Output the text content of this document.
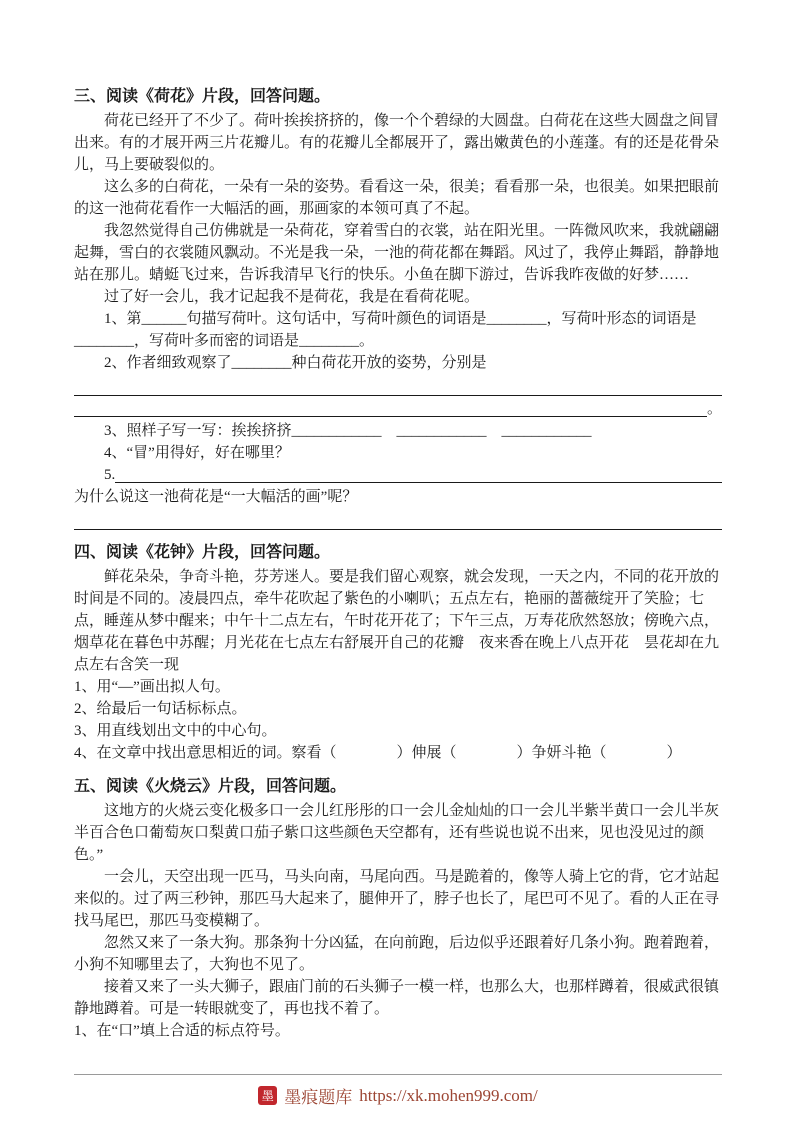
三、阅读《荷花》片段，回答问题。

荷花已经开了不少了。荷叶挨挨挤挤的，像一个个碧绿的大圆盘。白荷花在这些大圆盘之间冒出来。有的才展开两三片花瓣儿。有的花瓣儿全都展开了，露出嫩黄色的小莲蓬。有的还是花骨朵儿，马上要破裂似的。

这么多的白荷花，一朵有一朵的姿势。看看这一朵，很美；看看那一朵，也很美。如果把眼前的这一池荷花看作一大幅活的画，那画家的本领可真了不起。

我忽然觉得自己仿佛就是一朵荷花，穿着雪白的衣裳，站在阳光里。一阵微风吹来，我就翩翩起舞，雪白的衣裳随风飘动。不光是我一朵，一池的荷花都在舞蹈。风过了，我停止舞蹈，静静地站在那儿。蜻蜓飞过来，告诉我清早飞行的快乐。小鱼在脚下游过，告诉我昨夜做的好梦……

过了好一会儿，我才记起我不是荷花，我是在看荷花呢。

1、第______句描写荷叶。这句话中，写荷叶颜色的词语是________，写荷叶形态的词语是________，写荷叶多而密的词语是________。

2、作者细致观察了________种白荷花开放的姿势，分别是

。

3、照样子写一写：挨挨挤挤____________　____________　____________

4、“冒”用得好，好在哪里？

5.

为什么说这一池荷花是“一大幅活的画”呢？

四、阅读《花钟》片段，回答问题。

鲜花朵朵，争奇斗艳，芬芳迷人。要是我们留心观察，就会发现，一天之内，不同的花开放的时间是不同的。凌晨四点，牵牛花吹起了紫色的小喇叭；五点左右，艳丽的蔷薇绽开了笑脸；七点，睡莲从梦中醒来；中午十二点左右，午时花开花了；下午三点，万寿花欣然怒放；傍晚六点，烟草花在暮色中苏醒；月光花在七点左右舒展开自己的花瓣　夜来香在晚上八点开花　昙花却在九点左右含笑一现

1、用“—”画出拟人句。

2、给最后一句话标标点。

3、用直线划出文中的中心句。

4、在文章中找出意思相近的词。察看（　　　　）伸展（　　　　）争妍斗艳（　　　　）

五、阅读《火烧云》片段，回答问题。

这地方的火烧云变化极多口一会儿红彤彤的口一会儿金灿灿的口一会儿半紫半黄口一会儿半灰半百合色口葡萄灰口梨黄口茄子紫口这些颜色天空都有，还有些说也说不出来，见也没见过的颜色。”

一会儿，天空出现一匹马，马头向南，马尾向西。马是跪着的，像等人骑上它的背，它才站起来似的。过了两三秒钟，那匹马大起来了，腿伸开了，脖子也长了，尾巴可不见了。看的人正在寻找马尾巴，那匹马变模糊了。

忽然又来了一条大狗。那条狗十分凶猛，在向前跑，后边似乎还跟着好几条小狗。跑着跑着，小狗不知哪里去了，大狗也不见了。

接着又来了一头大狮子，跟庙门前的石头狮子一模一样，也那么大，也那样蹲着，很威武很镇静地蹲着。可是一转眼就变了，再也找不着了。

1、在“口”填上合适的标点符号。

墨 墨痕题库 https://xk.mohen999.com/
